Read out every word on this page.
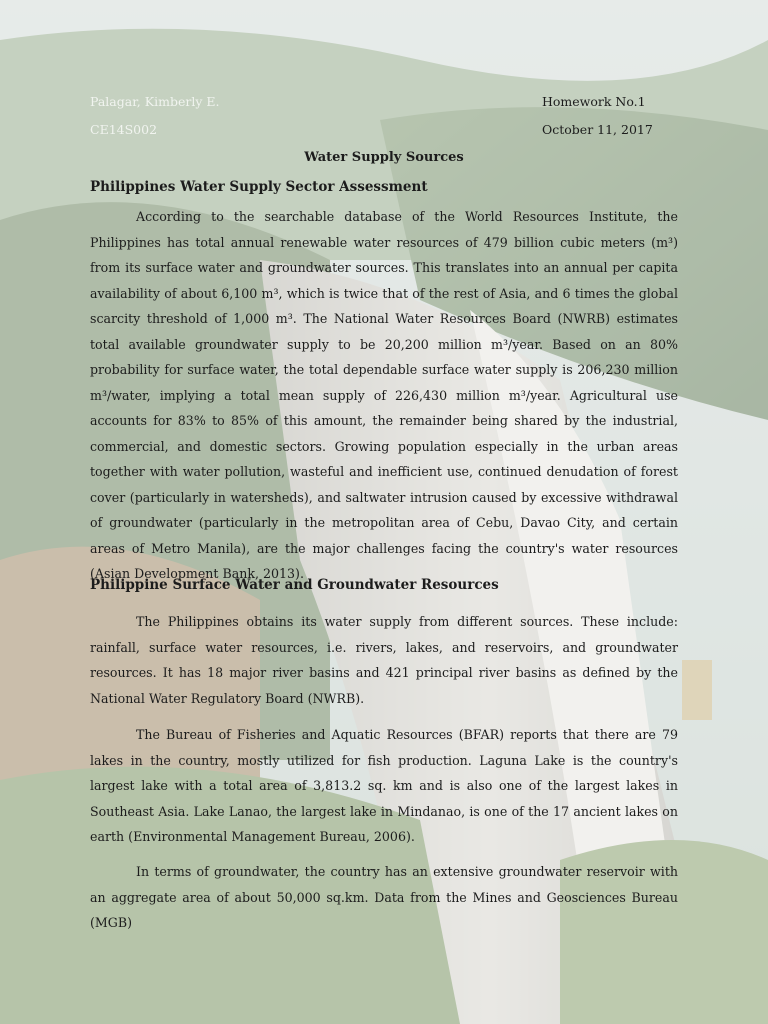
Palagar, Kimberly E.
CE14S002
Homework No.1
October 11, 2017
Water Supply Sources
Philippines Water Supply Sector Assessment

According to the searchable database of the World Resources Institute, the Philippines has total annual renewable water resources of 479 billion cubic meters (m³) from its surface water and groundwater sources. This translates into an annual per capita availability of about 6,100 m³, which is twice that of the rest of Asia, and 6 times the global scarcity threshold of 1,000 m³. The National Water Resources Board (NWRB) estimates total available groundwater supply to be 20,200 million m³/year. Based on an 80% probability for surface water, the total dependable surface water supply is 206,230 million m³/water, implying a total mean supply of 226,430 million m³/year. Agricultural use accounts for 83% to 85% of this amount, the remainder being shared by the industrial, commercial, and domestic sectors. Growing population especially in the urban areas together with water pollution, wasteful and inefficient use, continued denudation of forest cover (particularly in watersheds), and saltwater intrusion caused by excessive withdrawal of groundwater (particularly in the metropolitan area of Cebu, Davao City, and certain areas of Metro Manila), are the major challenges facing the country's water resources (Asian Development Bank, 2013).

Philippine Surface Water and Groundwater Resources

The Philippines obtains its water supply from different sources. These include: rainfall, surface water resources, i.e. rivers, lakes, and reservoirs, and groundwater resources. It has 18 major river basins and 421 principal river basins as defined by the National Water Regulatory Board (NWRB).

The Bureau of Fisheries and Aquatic Resources (BFAR) reports that there are 79 lakes in the country, mostly utilized for fish production. Laguna Lake is the country's largest lake with a total area of 3,813.2 sq. km and is also one of the largest lakes in Southeast Asia. Lake Lanao, the largest lake in Mindanao, is one of the 17 ancient lakes on earth (Environmental Management Bureau, 2006).

In terms of groundwater, the country has an extensive groundwater reservoir with an aggregate area of about 50,000 sq.km. Data from the Mines and Geosciences Bureau (MGB)
